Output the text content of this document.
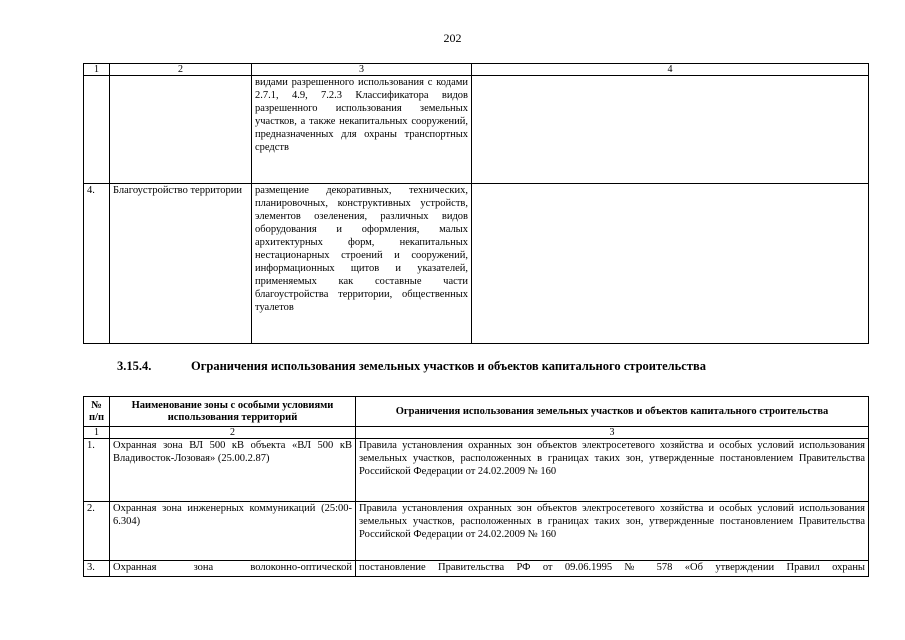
202
1	2	3	4
		видами разрешенного использования с кодами 2.7.1, 4.9, 7.2.3 Классификатора видов разрешенного использования земельных участков, а также некапитальных сооружений, предназначенных для охраны транспортных средств	
4.	Благоустройство территории	размещение декоративных, технических, планировочных, конструктивных устройств, элементов озеленения, различных видов оборудования и оформления, малых архитектурных форм, некапитальных нестационарных строений и сооружений, информационных щитов и указателей, применяемых как составные части благоустройства территории, общественных туалетов	
3.15.4.	Ограничения использования земельных участков и объектов капитального строительства
№ п/п	Наименование зоны с особыми условиями использования территорий	Ограничения использования земельных участков и объектов капитального строительства
1	2	3
1.	Охранная зона ВЛ 500 кВ объекта «ВЛ 500 кВ Владивосток-Лозовая» (25.00.2.87)	Правила установления охранных зон объектов электросетевого хозяйства и особых условий использования земельных участков, расположенных в границах таких зон, утвержденные постановлением Правительства Российской Федерации от 24.02.2009 № 160
2.	Охранная зона инженерных коммуникаций (25:00-6.304)	Правила установления охранных зон объектов электросетевого хозяйства и особых условий использования земельных участков, расположенных в границах таких зон, утвержденные постановлением Правительства Российской Федерации от 24.02.2009 № 160
3.	Охранная зона волоконно-оптической	постановление Правительства РФ от 09.06.1995 № 578 «Об утверждении Правил охраны
